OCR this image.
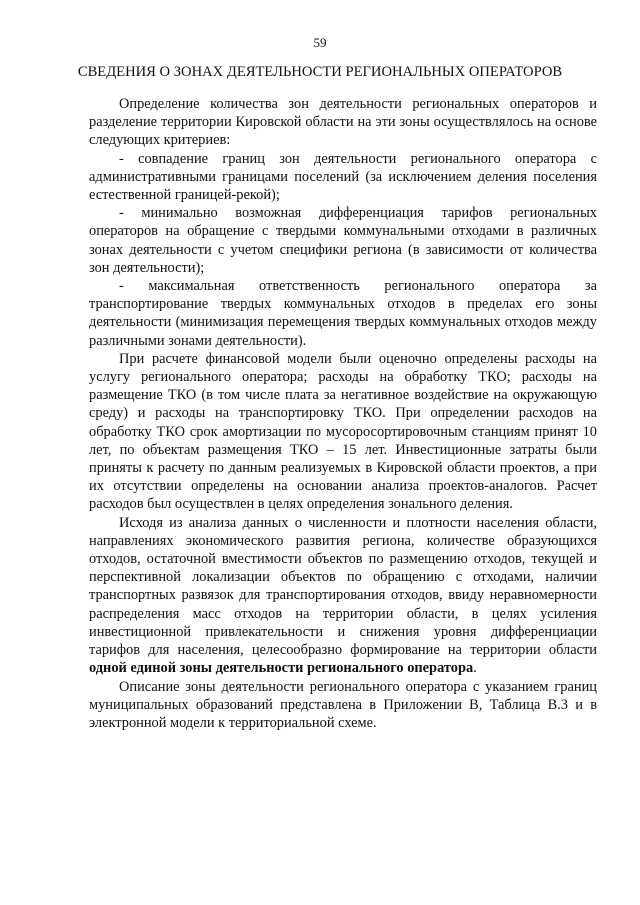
59
СВЕДЕНИЯ О ЗОНАХ ДЕЯТЕЛЬНОСТИ РЕГИОНАЛЬНЫХ ОПЕРАТОРОВ

Определение количества зон деятельности региональных операторов и разделение территории Кировской области на эти зоны осуществлялось на основе следующих критериев:

- совпадение границ зон деятельности регионального оператора с административными границами поселений (за исключением деления поселения естественной границей-рекой);

- минимально возможная дифференциация тарифов региональных операторов на обращение с твердыми коммунальными отходами в различных зонах деятельности с учетом специфики региона (в зависимости от количества зон деятельности);

- максимальная ответственность регионального оператора за транспортирование твердых коммунальных отходов в пределах его зоны деятельности (минимизация перемещения твердых коммунальных отходов между различными зонами деятельности).

При расчете финансовой модели были оценочно определены расходы на услугу регионального оператора; расходы на обработку ТКО; расходы на размещение ТКО (в том числе плата за негативное воздействие на окружающую среду) и расходы на транспортировку ТКО. При определении расходов на обработку ТКО срок амортизации по мусоросортировочным станциям принят 10 лет, по объектам размещения ТКО – 15 лет. Инвестиционные затраты были приняты к расчету по данным реализуемых в Кировской области проектов, а при их отсутствии определены на основании анализа проектов-аналогов. Расчет расходов был осуществлен в целях определения зонального деления.

Исходя из анализа данных о численности и плотности населения области, направлениях экономического развития региона, количестве образующихся отходов, остаточной вместимости объектов по размещению отходов, текущей и перспективной локализации объектов по обращению с отходами, наличии транспортных развязок для транспортирования отходов, ввиду неравномерности распределения масс отходов на территории области, в целях усиления инвестиционной привлекательности и снижения уровня дифференциации тарифов для населения, целесообразно формирование на территории области одной единой зоны деятельности регионального оператора.

Описание зоны деятельности регионального оператора с указанием границ муниципальных образований представлена в Приложении В, Таблица В.3 и в электронной модели к территориальной схеме.
